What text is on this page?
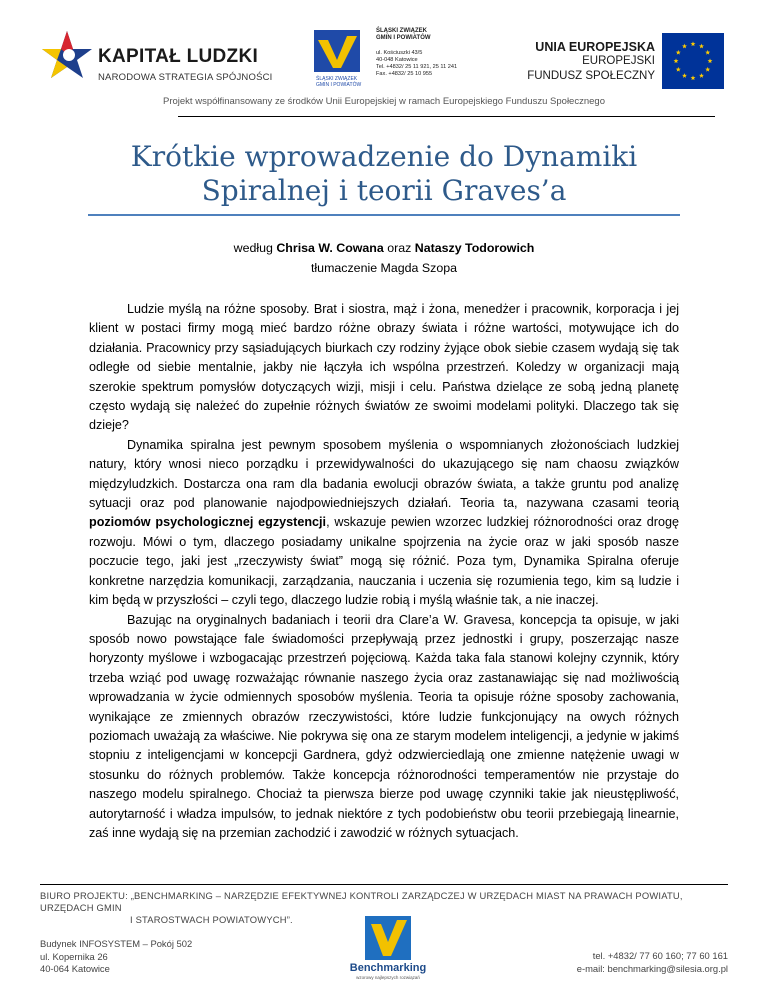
KAPITAŁ LUDZKI
NARODOWA STRATEGIA SPÓJNOŚCI	ŚLĄSKI ZWIĄZEK
GMIN I POWIATÓW
ŚLĄSKI ZWIĄZEK
GMIN I POWIATÓW
ul. Kościuszki 43/5
40-048 Katowice
Tel. +4832/ 25 11 921, 25 11 241
Fax. +4832/ 25 10 955
UNIA EUROPEJSKA
EUROPEJSKI
FUNDUSZ SPOŁECZNY
Projekt współfinansowany ze środków Unii Europejskiej w ramach Europejskiego Funduszu Społecznego
Krótkie wprowadzenie do Dynamiki
Spiralnej i teorii Graves’a
według Chrisa W. Cowana oraz Nataszy Todorowich
tłumaczenie Magda Szopa

Ludzie myślą na różne sposoby. Brat i siostra, mąż i żona, menedżer i pracownik, korporacja i jej klient w postaci firmy mogą mieć bardzo różne obrazy świata i różne wartości, motywujące ich do działania. Pracownicy przy sąsiadujących biurkach czy rodziny żyjące obok siebie czasem wydają się tak odległe od siebie mentalnie, jakby nie łączyła ich wspólna przestrzeń. Koledzy w organizacji mają szerokie spektrum pomysłów dotyczących wizji, misji i celu. Państwa dzielące ze sobą jedną planetę często wydają się należeć do zupełnie różnych światów ze swoimi modelami polityki. Dlaczego tak się dzieje?

Dynamika spiralna jest pewnym sposobem myślenia o wspomnianych złożonościach ludzkiej natury, który wnosi nieco porządku i przewidywalności do ukazującego się nam chaosu związków międzyludzkich. Dostarcza ona ram dla badania ewolucji obrazów świata, a także gruntu pod analizę sytuacji oraz pod planowanie najodpowiedniejszych działań. Teoria ta, nazywana czasami teorią poziomów psychologicznej egzystencji, wskazuje pewien wzorzec ludzkiej różnorodności oraz drogę rozwoju. Mówi o tym, dlaczego posiadamy unikalne spojrzenia na życie oraz w jaki sposób nasze poczucie tego, jaki jest „rzeczywisty świat” mogą się różnić. Poza tym, Dynamika Spiralna oferuje konkretne narzędzia komunikacji, zarządzania, nauczania i uczenia się rozumienia tego, kim są ludzie i kim będą w przyszłości – czyli tego, dlaczego ludzie robią i myślą właśnie tak, a nie inaczej.

Bazując na oryginalnych badaniach i teorii dra Clare’a W. Gravesa, koncepcja ta opisuje, w jaki sposób nowo powstające fale świadomości przepływają przez jednostki i grupy, poszerzając nasze horyzonty myślowe i wzbogacając przestrzeń pojęciową. Każda taka fala stanowi kolejny czynnik, który trzeba wziąć pod uwagę rozważając równanie naszego życia oraz zastanawiając się nad możliwością wprowadzania w życie odmiennych sposobów myślenia. Teoria ta opisuje różne sposoby zachowania, wynikające ze zmiennych obrazów rzeczywistości, które ludzie funkcjonujący na owych różnych poziomach uważają za właściwe. Nie pokrywa się ona ze starym modelem inteligencji, a jedynie w jakimś stopniu z inteligencjami w koncepcji Gardnera, gdyż odzwierciedlają one zmienne natężenie uwagi w stosunku do różnych problemów. Także koncepcja różnorodności temperamentów nie przystaje do naszego modelu spiralnego. Chociaż ta pierwsza bierze pod uwagę czynniki takie jak nieustępliwość, autorytarność i władza impulsów, to jednak niektóre z tych podobieństw obu teorii przebiegają linearnie, zaś inne wydają się na przemian zachodzić i zawodzić w różnych sytuacjach.

BIURO PROJEKTU: „BENCHMARKING – NARZĘDZIE EFEKTYWNEJ KONTROLI ZARZĄDCZEJ W URZĘDACH MIAST NA PRAWACH POWIATU, URZĘDACH GMIN
I STAROSTWACH POWIATOWYCH”.
Budynek INFOSYSTEM – Pokój 502
ul. Kopernika 26
40-064 Katowice	Benchmarking
wzorowy najlepszych rozwiązań
tel. +4832/ 77 60 160; 77 60 161
e-mail: benchmarking@silesia.org.pl
